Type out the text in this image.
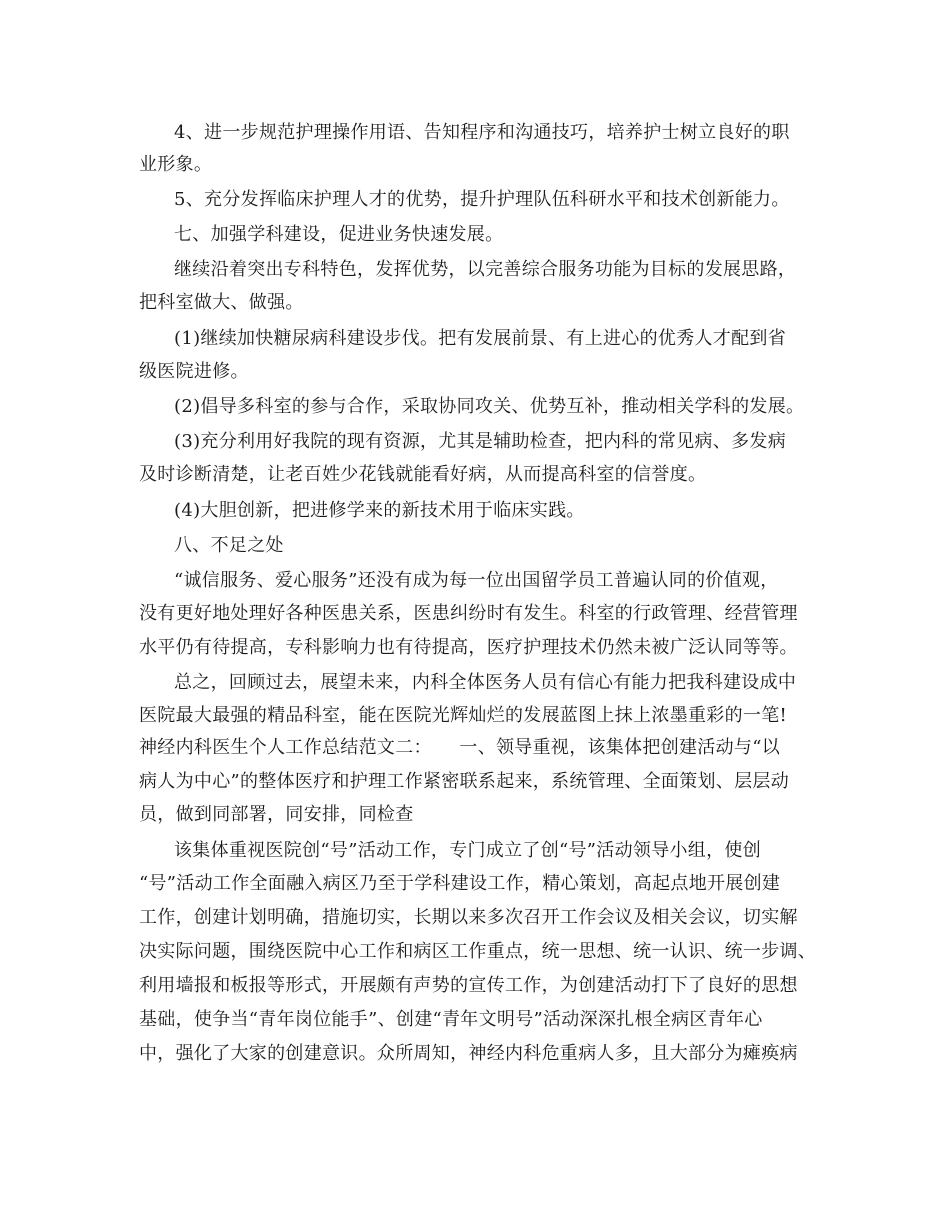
4、进一步规范护理操作用语、告知程序和沟通技巧，培养护士树立良好的职

业形象。

5、充分发挥临床护理人才的优势，提升护理队伍科研水平和技术创新能力。

七、加强学科建设，促进业务快速发展。

继续沿着突出专科特色，发挥优势，以完善综合服务功能为目标的发展思路，

把科室做大、做强。

(1)继续加快糖尿病科建设步伐。把有发展前景、有上进心的优秀人才配到省

级医院进修。

(2)倡导多科室的参与合作，采取协同攻关、优势互补，推动相关学科的发展。

(3)充分利用好我院的现有资源，尤其是辅助检查，把内科的常见病、多发病

及时诊断清楚，让老百姓少花钱就能看好病，从而提高科室的信誉度。

(4)大胆创新，把进修学来的新技术用于临床实践。

八、不足之处

“诚信服务、爱心服务”还没有成为每一位出国留学员工普遍认同的价值观，

没有更好地处理好各种医患关系，医患纠纷时有发生。科室的行政管理、经营管理

水平仍有待提高，专科影响力也有待提高，医疗护理技术仍然未被广泛认同等等。

总之，回顾过去，展望未来，内科全体医务人员有信心有能力把我科建设成中

医院最大最强的精品科室，能在医院光辉灿烂的发展蓝图上抹上浓墨重彩的一笔!

神经内科医生个人工作总结范文二：　　一、领导重视，该集体把创建活动与“以

病人为中心”的整体医疗和护理工作紧密联系起来，系统管理、全面策划、层层动

员，做到同部署，同安排，同检查

该集体重视医院创“号”活动工作，专门成立了创“号”活动领导小组，使创

“号”活动工作全面融入病区乃至于学科建设工作，精心策划，高起点地开展创建

工作，创建计划明确，措施切实，长期以来多次召开工作会议及相关会议，切实解

决实际问题，围绕医院中心工作和病区工作重点，统一思想、统一认识、统一步调、

利用墙报和板报等形式，开展颇有声势的宣传工作，为创建活动打下了良好的思想

基础，使争当“青年岗位能手”、创建“青年文明号”活动深深扎根全病区青年心

中，强化了大家的创建意识。众所周知，神经内科危重病人多，且大部分为瘫痪病
